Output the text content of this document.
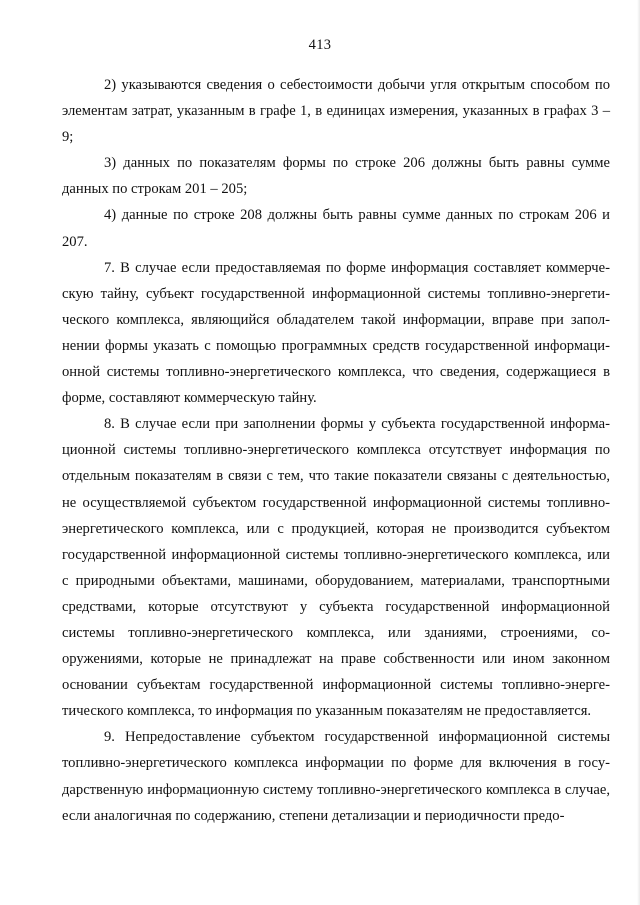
413

2) указываются сведения о себестоимости добычи угля открытым способом по элементам затрат, указанным в графе 1, в единицах измерения, указанных в графах 3 – 9;

3) данных по показателям формы по строке 206 должны быть равны сумме данных по строкам 201 – 205;

4) данные по строке 208 должны быть равны сумме данных по строкам 206 и 207.

7. В случае если предоставляемая по форме информация составляет коммерческую тайну, субъект государственной информационной системы топливно-энергетического комплекса, являющийся обладателем такой информации, вправе при заполнении формы указать с помощью программных средств государственной информационной системы топливно-энергетического комплекса, что сведения, содержащиеся в форме, составляют коммерческую тайну.

8. В случае если при заполнении формы у субъекта государственной информационной системы топливно-энергетического комплекса отсутствует информация по отдельным показателям в связи с тем, что такие показатели связаны с деятельностью, не осуществляемой субъектом государственной информационной системы топливно-энергетического комплекса, или с продукцией, которая не производится субъектом государственной информационной системы топливно-энергетического комплекса, или с природными объектами, машинами, оборудованием, материалами, транспортными средствами, которые отсутствуют у субъекта государственной информационной системы топливно-энергетического комплекса, или зданиями, строениями, сооружениями, которые не принадлежат на праве собственности или ином законном основании субъектам государственной информационной системы топливно-энергетического комплекса, то информация по указанным показателям не предоставляется.

9. Непредоставление субъектом государственной информационной системы топливно-энергетического комплекса информации по форме для включения в государственную информационную систему топливно-энергетического комплекса в случае, если аналогичная по содержанию, степени детализации и периодичности предо-
